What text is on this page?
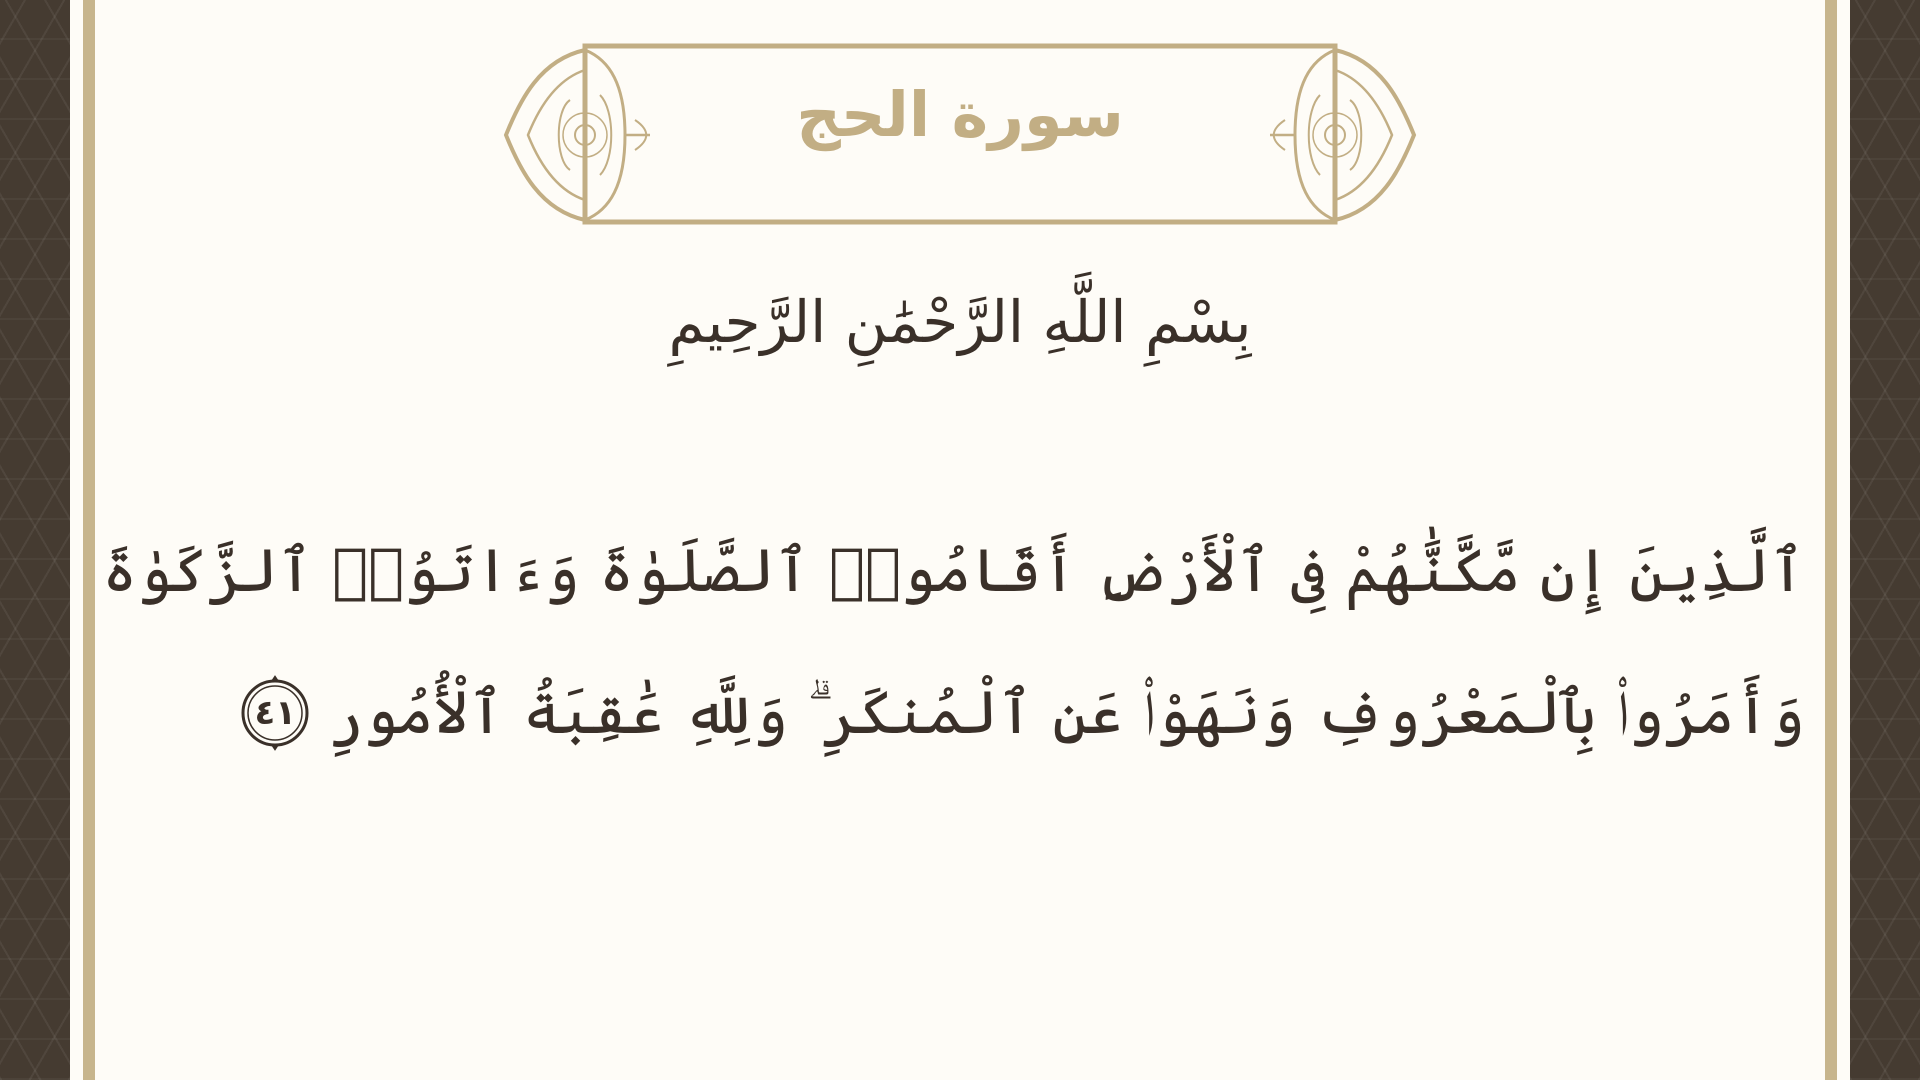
سورة الحج
بِسْمِ اللَّهِ الرَّحْمَٰنِ الرَّحِيمِ
ٱلَّذِينَ إِن مَّكَّنَّٰهُمْ فِى ٱلْأَرْضِ أَقَامُوا۟ ٱلصَّلَوٰةَ وَءَاتَوُا۟ ٱلزَّكَوٰةَ
وَأَمَرُوا۟ بِٱلْمَعْرُوفِ وَنَهَوْا۟ عَنِ ٱلْمُنكَرِ ۗ وَلِلَّهِ عَٰقِبَةُ ٱلْأُمُورِ
٤١
